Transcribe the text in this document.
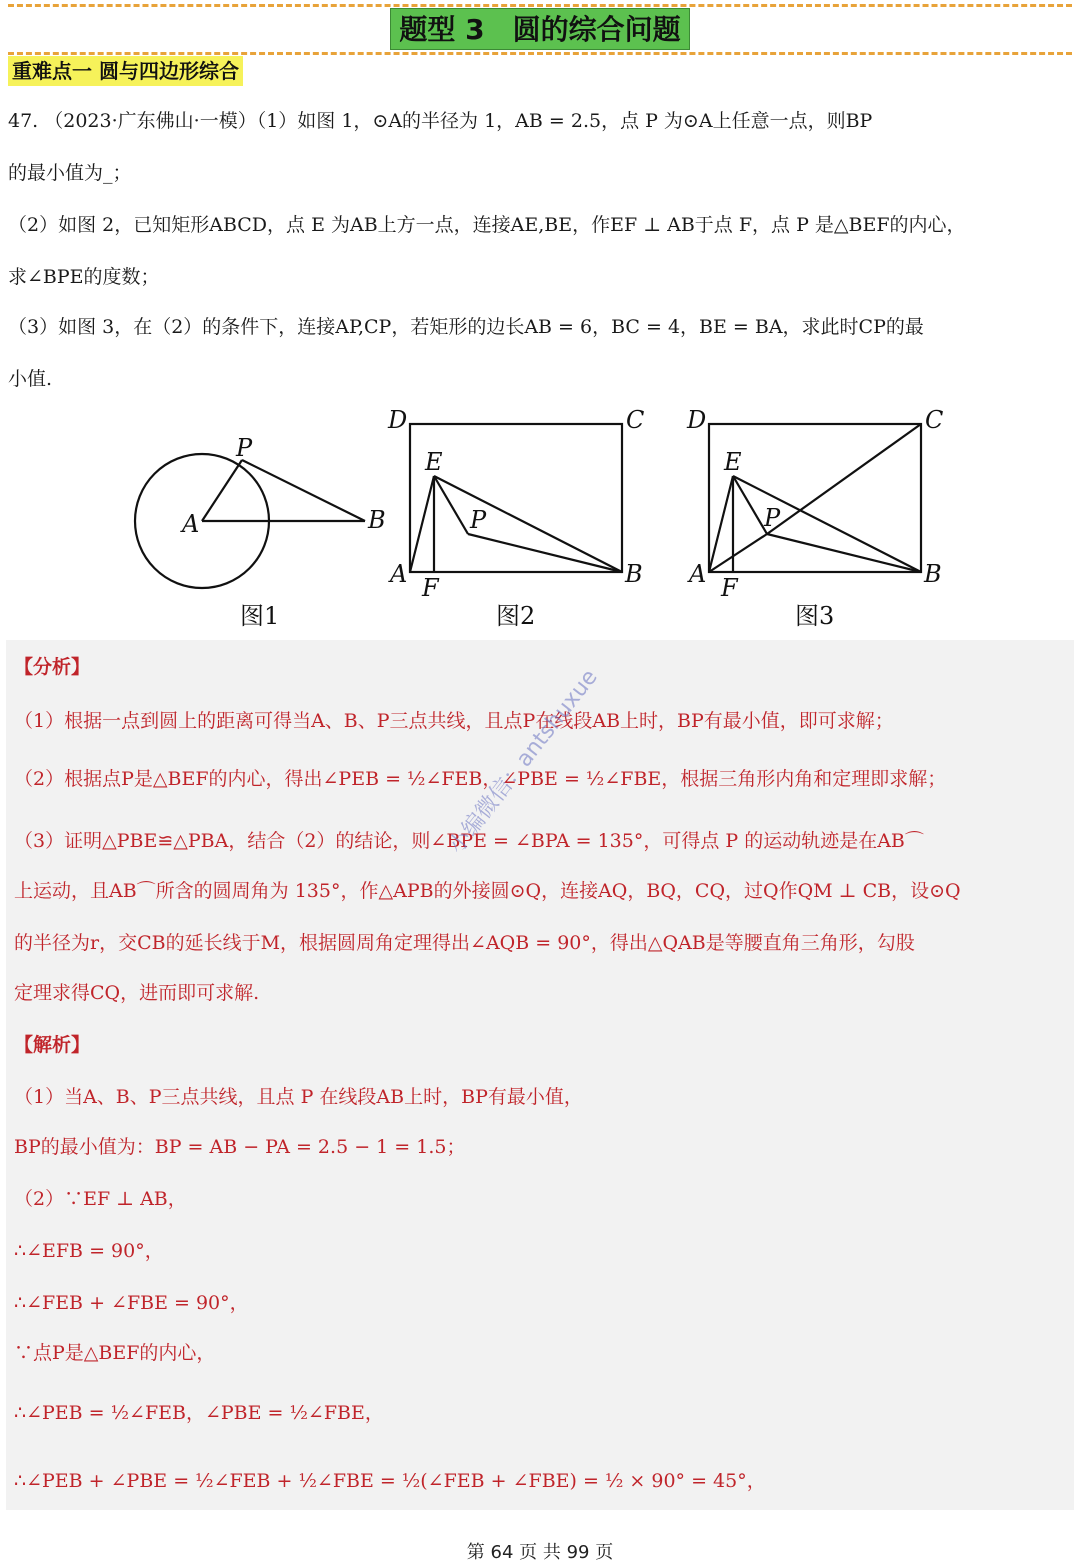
题型 3　圆的综合问题
重难点一 圆与四边形综合
47. （2023·广东佛山·一模）（1）如图 1，⊙A的半径为 1，AB = 2.5，点 P 为⊙A上任意一点，则BP
的最小值为_；
（2）如图 2，已知矩形ABCD，点 E 为AB上方一点，连接AE,BE，作EF ⊥ AB于点 F，点 P 是△BEF的内心，
求∠BPE的度数；
（3）如图 3，在（2）的条件下，连接AP,CP，若矩形的边长AB = 6，BC = 4，BE = BA，求此时CP的最
小值.
P
A	B
图1
D	C
E
P
A F	B
图2
D	C
E
P
A F	B
图3
【分析】
（1）根据一点到圆上的距离可得当A、B、P三点共线，且点P在线段AB上时，BP有最小值，即可求解；
（2）根据点P是△BEF的内心，得出∠PEB = ½∠FEB，∠PBE = ½∠FBE，根据三角形内角和定理即求解；
（3）证明△PBE≌△PBA，结合（2）的结论，则∠BPE = ∠BPA = 135°，可得点 P 的运动轨迹是在AB⌒
上运动，且AB⌒所含的圆周角为 135°，作△APB的外接圆⊙Q，连接AQ，BQ，CQ，过Q作QM ⊥ CB，设⊙Q
的半径为r，交CB的延长线于M，根据圆周角定理得出∠AQB = 90°，得出△QAB是等腰直角三角形，勾股
定理求得CQ，进而即可求解.
【解析】
（1）当A、B、P三点共线，且点 P 在线段AB上时，BP有最小值，
BP的最小值为：BP = AB − PA = 2.5 − 1 = 1.5；
（2）∵EF ⊥ AB，
∴∠EFB = 90°，
∴∠FEB + ∠FBE = 90°，
∵点P是△BEF的内心，
∴∠PEB = ½∠FEB，∠PBE = ½∠FBE，
∴∠PEB + ∠PBE = ½∠FEB + ½∠FBE = ½(∠FEB + ∠FBE) = ½ × 90° = 45°，
小编微信：antshuxue
第 64 页 共 99 页
